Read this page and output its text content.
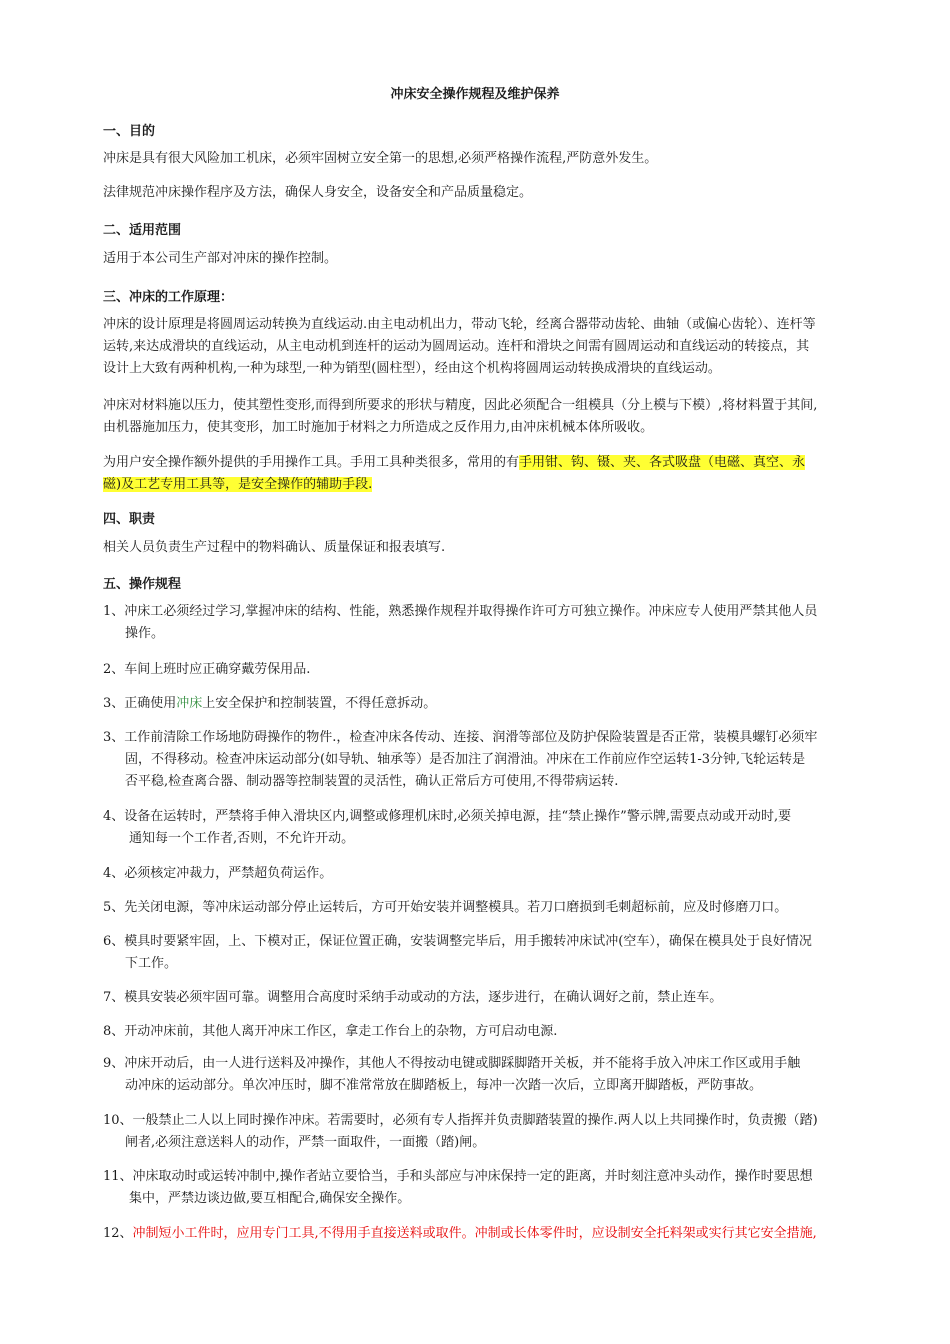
冲床安全操作规程及维护保养
一、目的

冲床是具有很大风险加工机床，必须牢固树立安全第一的思想,必须严格操作流程,严防意外发生。

法律规范冲床操作程序及方法，确保人身安全，设备安全和产品质量稳定。

二、适用范围

适用于本公司生产部对冲床的操作控制。

三、冲床的工作原理：
冲床的设计原理是将圆周运动转换为直线运动.由主电动机出力，带动飞轮，经离合器带动齿轮、曲轴（或偏心齿轮）、连杆等
运转,来达成滑块的直线运动，从主电动机到连杆的运动为圆周运动。连杆和滑块之间需有圆周运动和直线运动的转接点，其
设计上大致有两种机构,一种为球型,一种为销型(圆柱型），经由这个机构将圆周运动转换成滑块的直线运动。
冲床对材料施以压力，使其塑性变形,而得到所要求的形状与精度，因此必须配合一组模具（分上模与下模）,将材料置于其间,
由机器施加压力，使其变形，加工时施加于材料之力所造成之反作用力,由冲床机械本体所吸收。
为用户安全操作额外提供的手用操作工具。手用工具种类很多，常用的有手用钳、钩、镊、夹、各式吸盘（电磁、真空、永
磁)及工艺专用工具等，是安全操作的辅助手段.
四、职责

相关人员负责生产过程中的物料确认、质量保证和报表填写.

五、操作规程
1、冲床工必须经过学习,掌握冲床的结构、性能，熟悉操作规程并取得操作许可方可独立操作。冲床应专人使用严禁其他人员
操作。

2、车间上班时应正确穿戴劳保用品.

3、正确使用冲床上安全保护和控制装置，不得任意拆动。

3、工作前清除工作场地防碍操作的物件.，检查冲床各传动、连接、润滑等部位及防护保险装置是否正常，装模具螺钉必须牢
固，不得移动。检查冲床运动部分(如导轨、轴承等）是否加注了润滑油。冲床在工作前应作空运转1-3分钟,飞轮运转是
否平稳,检查离合器、制动器等控制装置的灵活性，确认正常后方可使用,不得带病运转.
4、设备在运转时，严禁将手伸入滑块区内,调整或修理机床时,必须关掉电源，挂“禁止操作”警示牌,需要点动或开动时,要
通知每一个工作者,否则，不允许开动。

4、必须核定冲裁力，严禁超负荷运作。

5、先关闭电源，等冲床运动部分停止运转后，方可开始安装并调整模具。若刀口磨损到毛刺超标前，应及时修磨刀口。

6、模具时要紧牢固，上、下模对正，保证位置正确，安装调整完毕后，用手搬转冲床试冲(空车），确保在模具处于良好情况
下工作。

7、模具安装必须牢固可靠。调整用合高度时采纳手动或动的方法，逐步进行，在确认调好之前，禁止连车。

8、开动冲床前，其他人离开冲床工作区，拿走工作台上的杂物，方可启动电源.

9、冲床开动后，由一人进行送料及冲操作，其他人不得按动电键或脚踩脚踏开关板，并不能将手放入冲床工作区或用手触
动冲床的运动部分。单次冲压时，脚不准常常放在脚踏板上，每冲一次踏一次后，立即离开脚踏板，严防事故。
10、一般禁止二人以上同时操作冲床。若需要时，必须有专人指挥并负责脚踏装置的操作.两人以上共同操作时，负责搬（踏)
闸者,必须注意送料人的动作，严禁一面取件，一面搬（踏)闸。
11、冲床取动时或运转冲制中,操作者站立要恰当，手和头部应与冲床保持一定的距离，并时刻注意冲头动作，操作时要思想
集中，严禁边谈边做,要互相配合,确保安全操作。

12、冲制短小工件时，应用专门工具,不得用手直接送料或取件。冲制或长体零件时，应设制安全托料架或实行其它安全措施,
